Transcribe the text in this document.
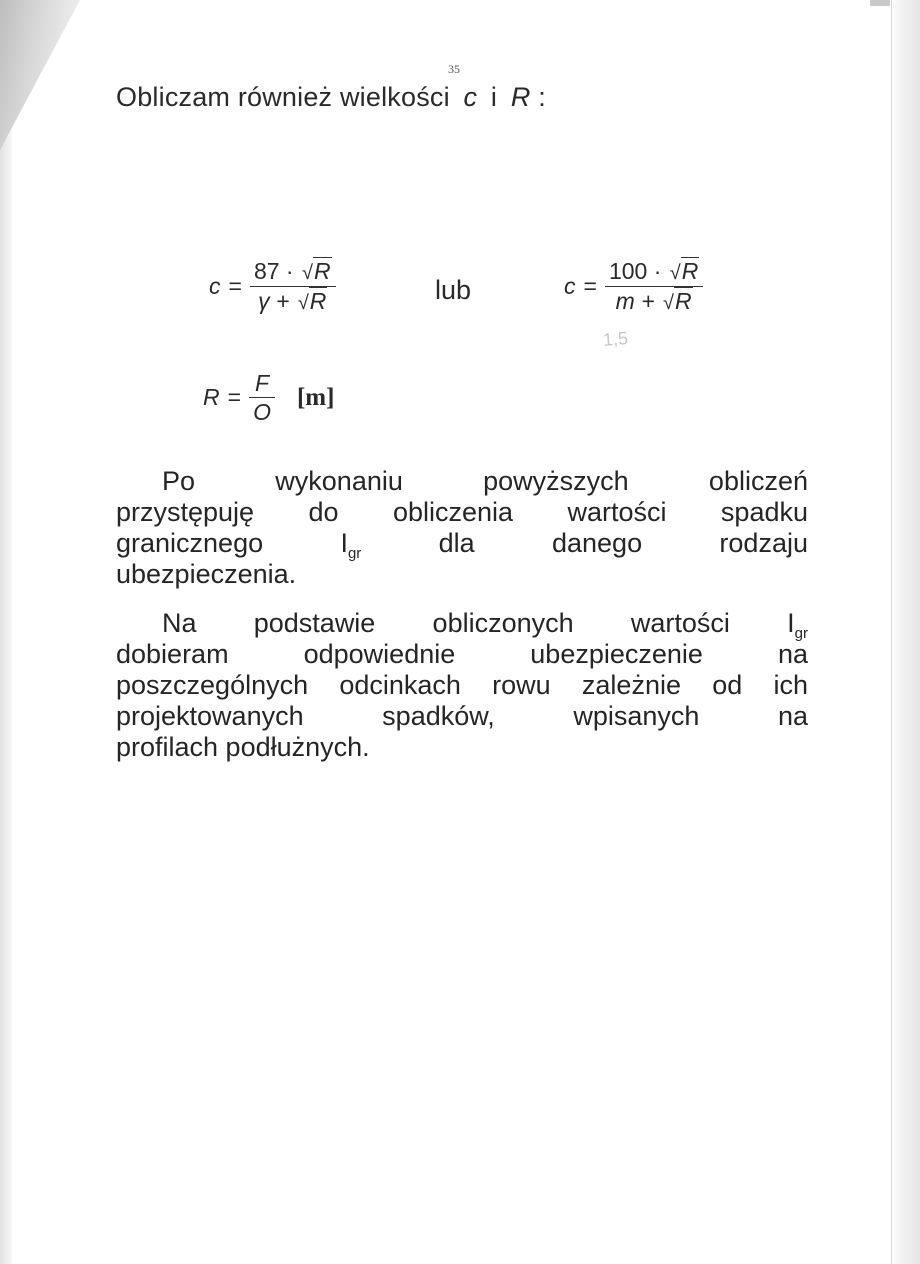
35
Obliczam również wielkości c i R :
$c = \frac{87 \cdot √R}{\gamma + √R}$	lub	$c = \frac{100 \cdot √R}{m + √R}$
1,5
$R = \frac{F}{O} [m]$
Po wykonaniu powyższych obliczeń
przystępuję do obliczenia wartości spadku
granicznego	$I_{gr}$	dla	danego	rodzaju
ubezpieczenia.
Na podstawie obliczonych wartości $I_{gr}$
dobieram odpowiednie ubezpieczenie na
poszczególnych odcinkach rowu zależnie od ich
projektowanych spadków, wpisanych na
profilach podłużnych.
